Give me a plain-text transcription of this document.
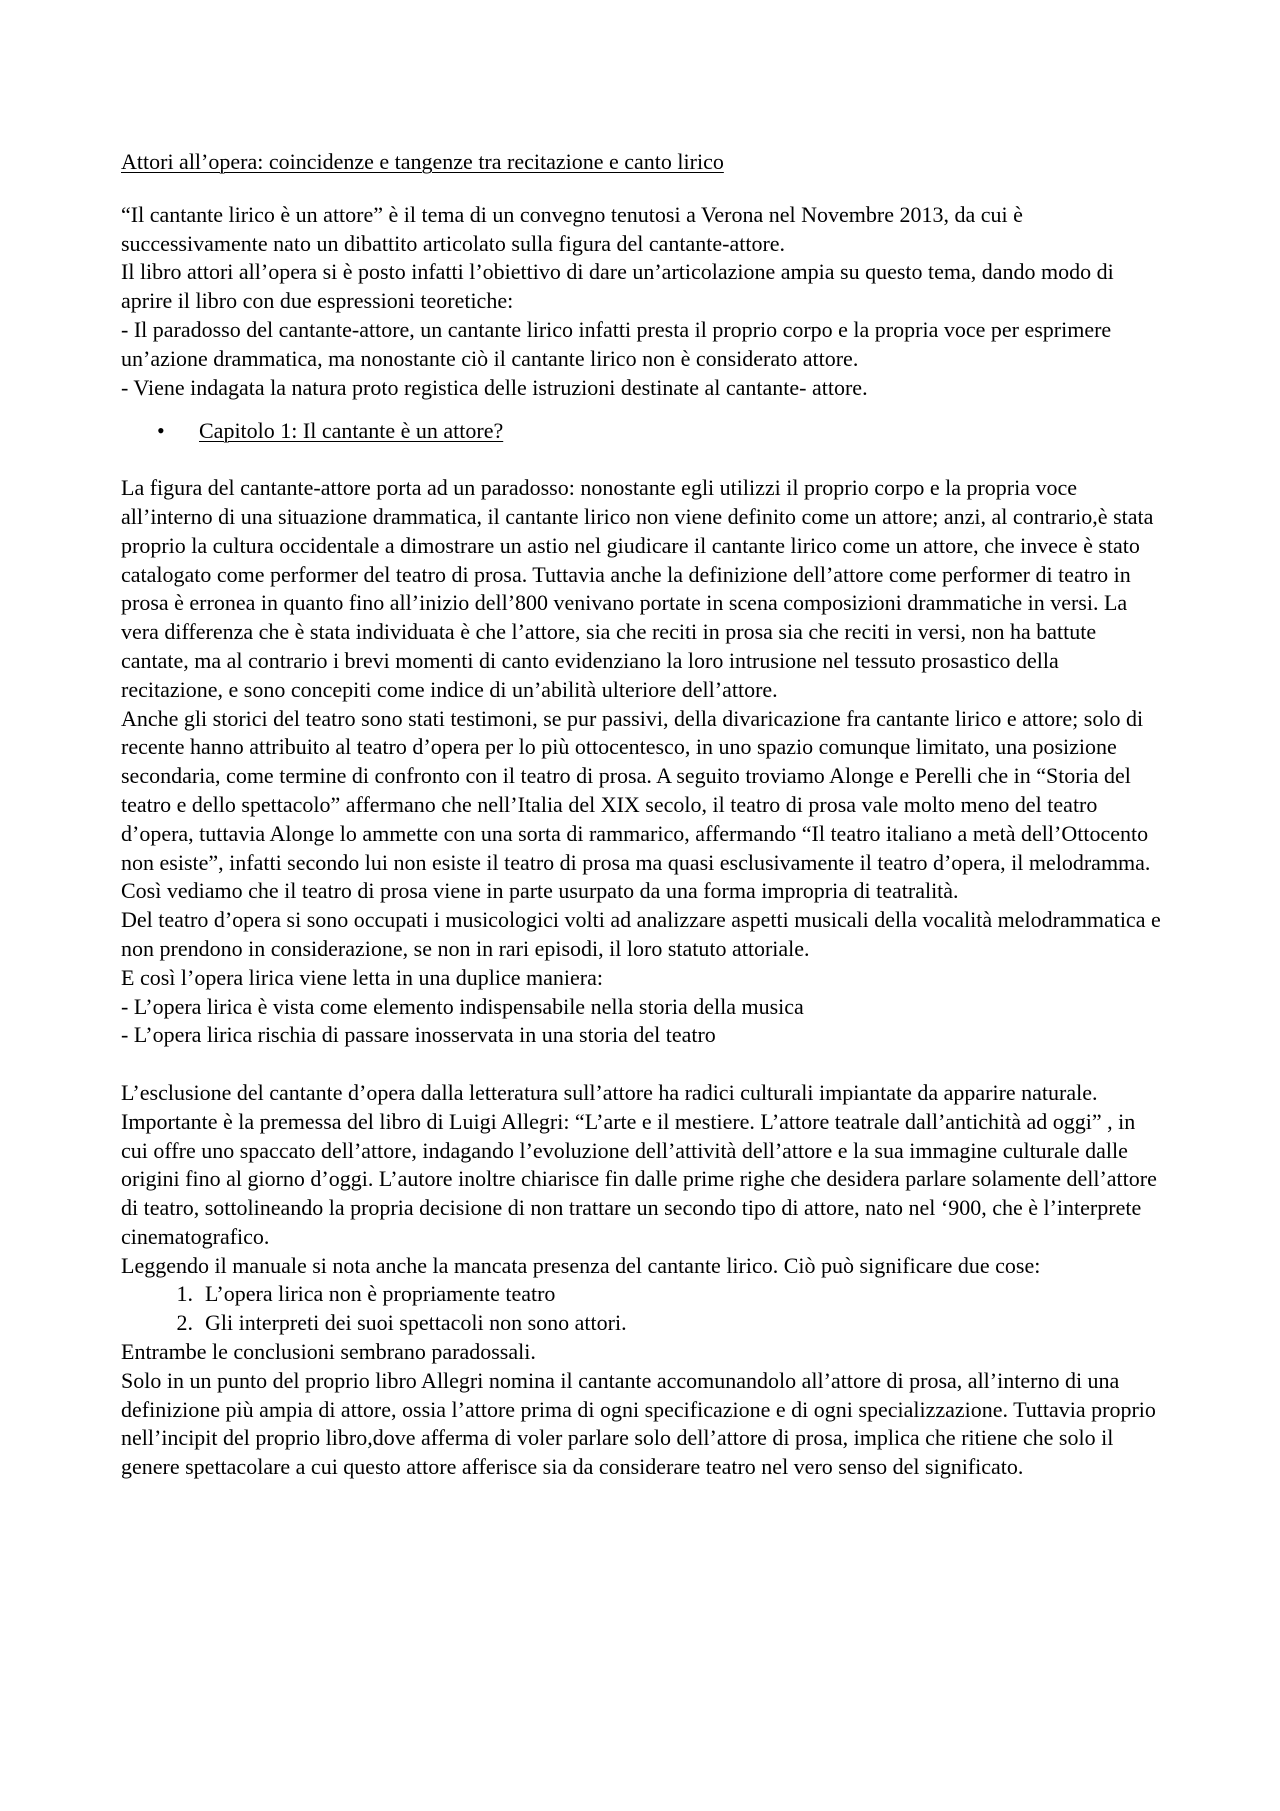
Attori all’opera: coincidenze e tangenze tra recitazione e canto lirico

“Il cantante lirico è un attore” è il tema di un convegno tenutosi a Verona nel Novembre 2013, da cui è successivamente nato un dibattito articolato sulla figura del cantante-attore.

Il libro attori all’opera si è posto infatti l’obiettivo di dare un’articolazione ampia su questo tema, dando modo di aprire il libro con due espressioni teoretiche:

- Il paradosso del cantante-attore, un cantante lirico infatti presta il proprio corpo e la propria voce per esprimere un’azione drammatica, ma nonostante ciò il cantante lirico non è considerato attore.

- Viene indagata la natura proto registica delle istruzioni destinate al cantante- attore.

•	Capitolo 1: Il cantante è un attore?

La figura del cantante-attore porta ad un paradosso: nonostante egli utilizzi il proprio corpo e la propria voce all’interno di una situazione drammatica, il cantante lirico non viene definito come un attore; anzi, al contrario,è stata proprio la cultura occidentale a dimostrare un astio nel giudicare il cantante lirico come un attore, che invece è stato catalogato come performer del teatro di prosa. Tuttavia anche la definizione dell’attore come performer di teatro in prosa è erronea in quanto fino all’inizio dell’800 venivano portate in scena composizioni drammatiche in versi. La vera differenza che è stata individuata è che l’attore, sia che reciti in prosa sia che reciti in versi, non ha battute cantate, ma al contrario i brevi momenti di canto evidenziano la loro intrusione nel tessuto prosastico della recitazione, e sono concepiti come indice di un’abilità ulteriore dell’attore.

Anche gli storici del teatro sono stati testimoni, se pur passivi, della divaricazione fra cantante lirico e attore; solo di recente hanno attribuito al teatro d’opera per lo più ottocentesco, in uno spazio comunque limitato, una posizione secondaria, come termine di confronto con il teatro di prosa. A seguito troviamo Alonge e Perelli che in “Storia del teatro e dello spettacolo” affermano che nell’Italia del XIX secolo, il teatro di prosa vale molto meno del teatro d’opera, tuttavia Alonge lo ammette con una sorta di rammarico, affermando “Il teatro italiano a metà dell’Ottocento non esiste”, infatti secondo lui non esiste il teatro di prosa ma quasi esclusivamente il teatro d’opera, il melodramma. Così vediamo che il teatro di prosa viene in parte usurpato da una forma impropria di teatralità.

Del teatro d’opera si sono occupati i musicologici volti ad analizzare aspetti musicali della vocalità melodrammatica e non prendono in considerazione, se non in rari episodi, il loro statuto attoriale.

E così l’opera lirica viene letta in una duplice maniera:

- L’opera lirica è vista come elemento indispensabile nella storia della musica

- L’opera lirica rischia di passare inosservata in una storia del teatro

L’esclusione del cantante d’opera dalla letteratura sull’attore ha radici culturali impiantate da apparire naturale. Importante è la premessa del libro di Luigi Allegri: “L’arte e il mestiere. L’attore teatrale dall’antichità ad oggi” , in cui offre uno spaccato dell’attore, indagando l’evoluzione dell’attività dell’attore e la sua immagine culturale dalle origini fino al giorno d’oggi. L’autore inoltre chiarisce fin dalle prime righe che desidera parlare solamente dell’attore di teatro, sottolineando la propria decisione di non trattare un secondo tipo di attore, nato nel ‘900, che è l’interprete cinematografico.

Leggendo il manuale si nota anche la mancata presenza del cantante lirico. Ciò può significare due cose:

1. L’opera lirica non è propriamente teatro
2. Gli interpreti dei suoi spettacoli non sono attori.

Entrambe le conclusioni sembrano paradossali.

Solo in un punto del proprio libro Allegri nomina il cantante accomunandolo all’attore di prosa, all’interno di una definizione più ampia di attore, ossia l’attore prima di ogni specificazione e di ogni specializzazione. Tuttavia proprio nell’incipit del proprio libro,dove afferma di voler parlare solo dell’attore di prosa, implica che ritiene che solo il genere spettacolare a cui questo attore afferisce sia da considerare teatro nel vero senso del significato.
